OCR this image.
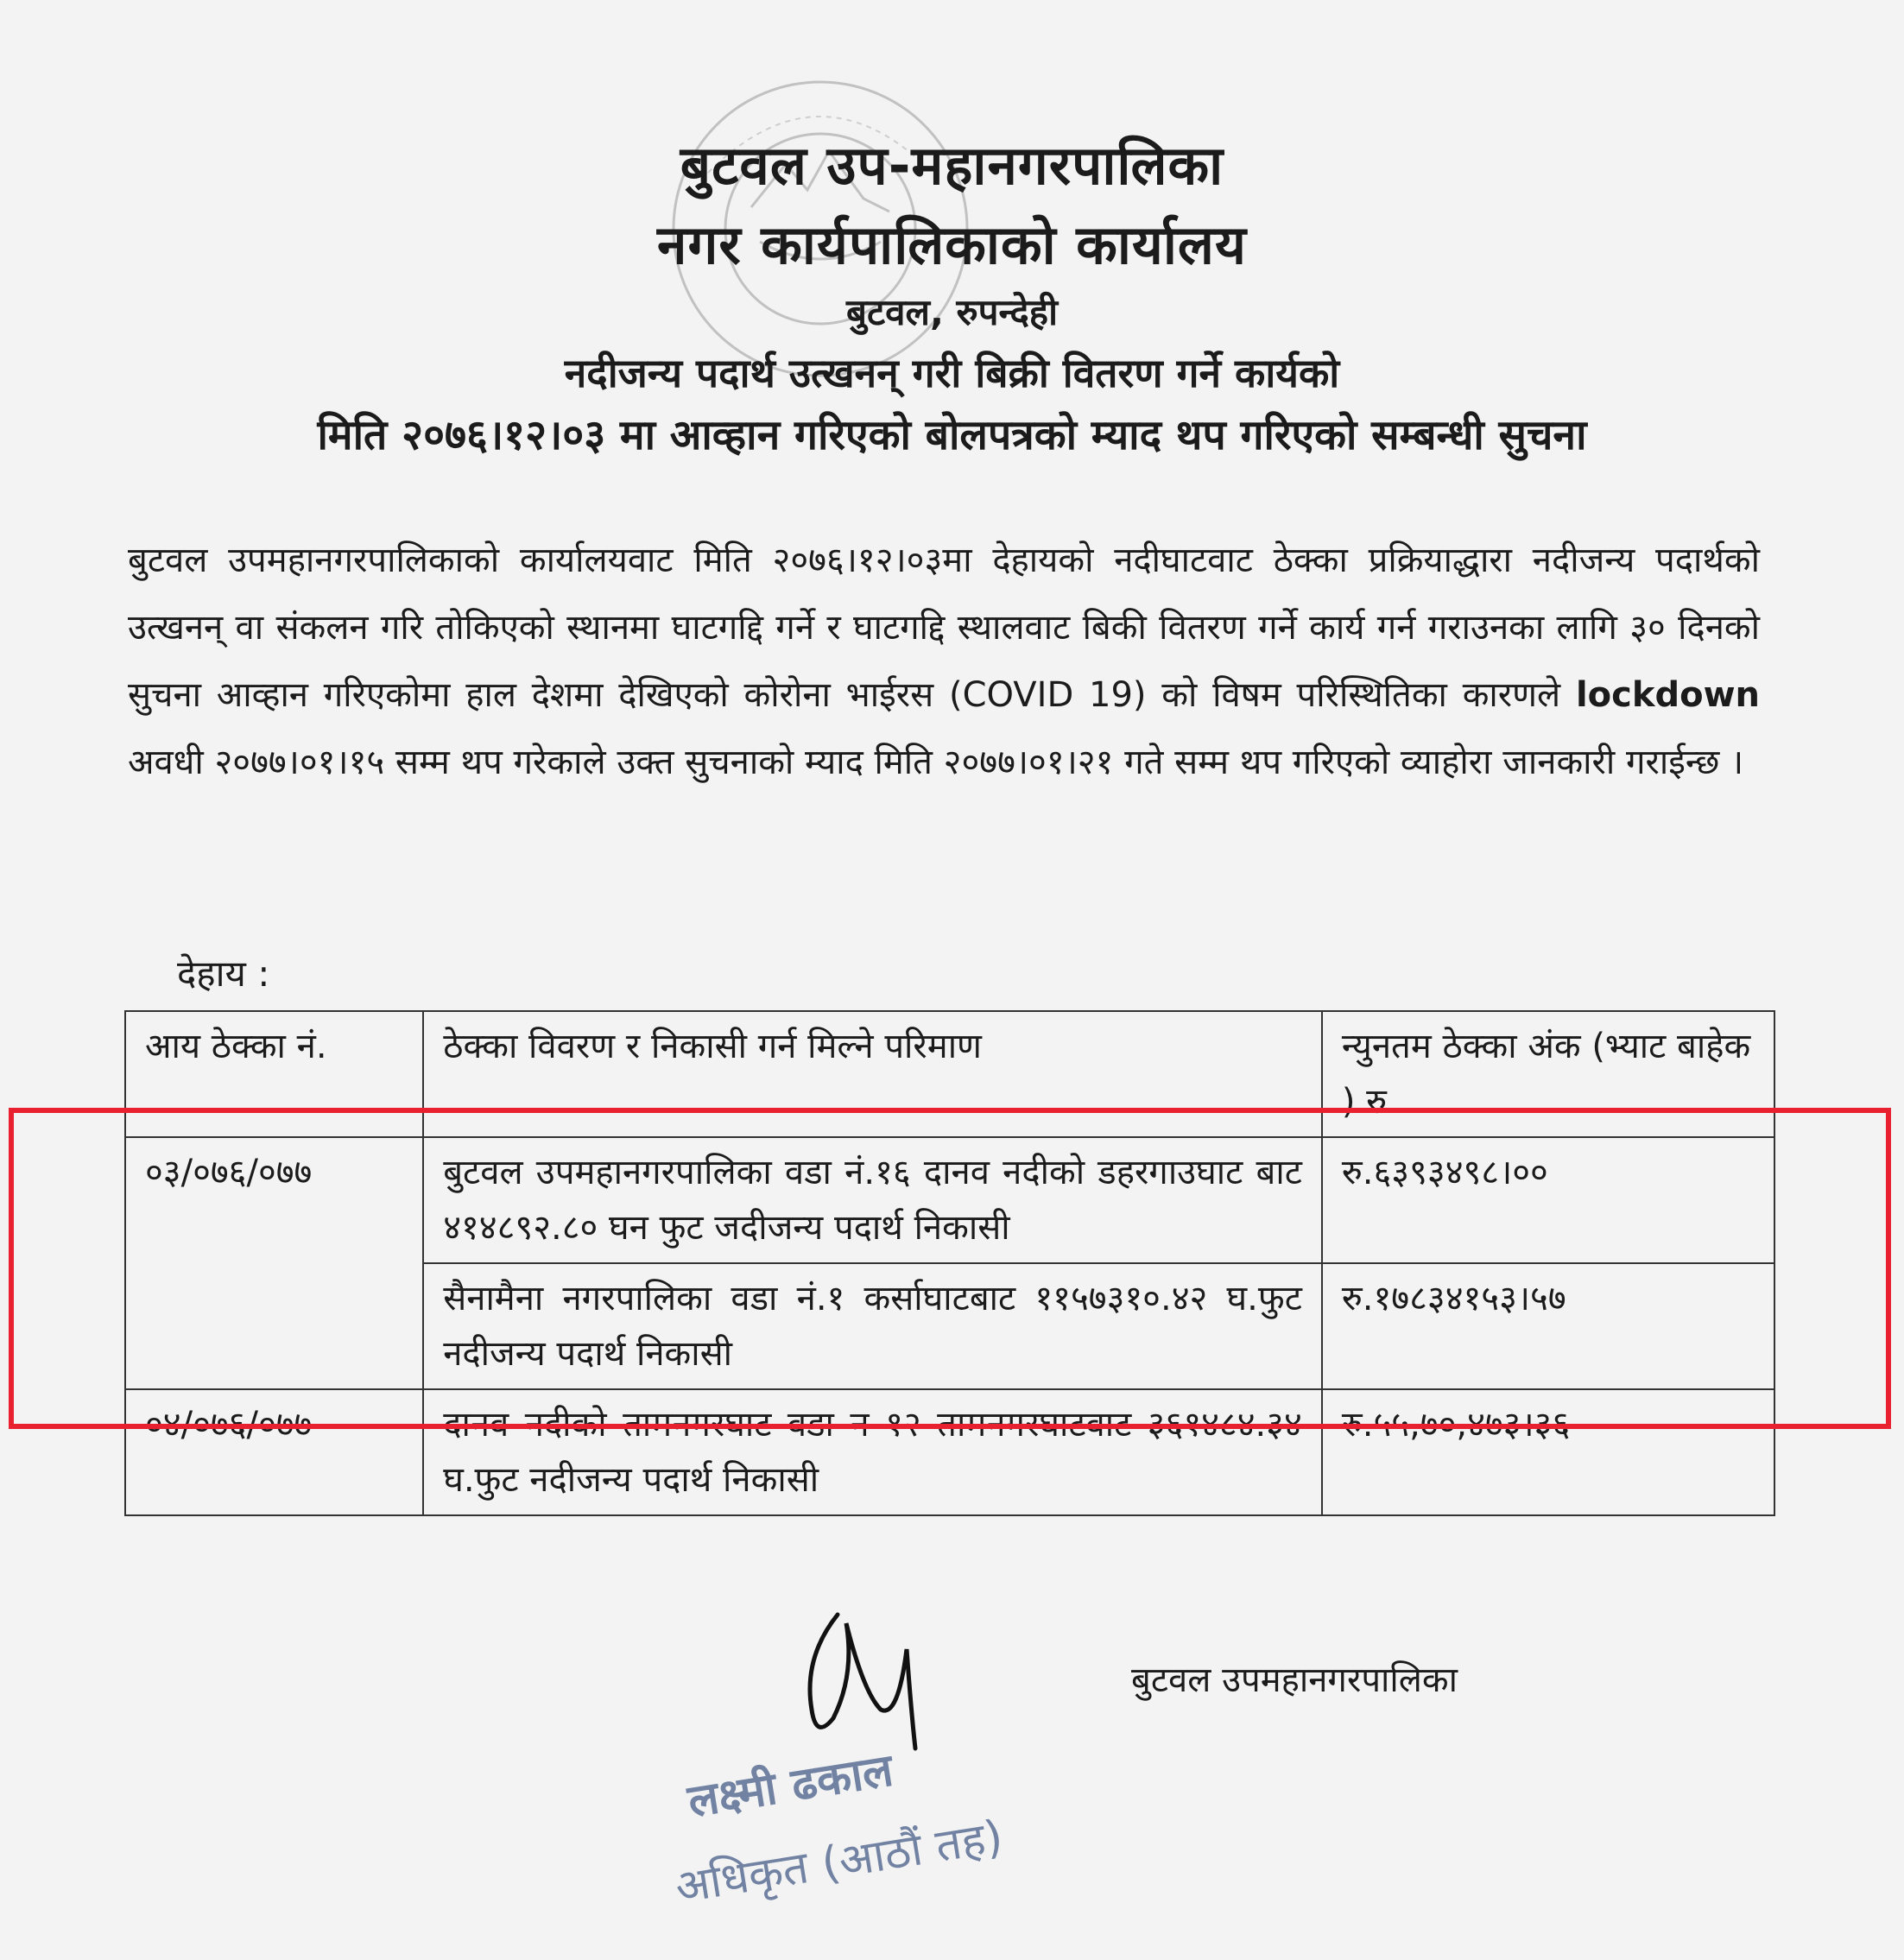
बुटवल उप-महानगरपालिका
नगर कार्यपालिकाको कार्यालय
बुटवल, रुपन्देही
नदीजन्य पदार्थ उत्खनन् गरी बिक्री वितरण गर्ने कार्यको
मिति २०७६।१२।०३ मा आव्हान गरिएको बोलपत्रको म्याद थप गरिएको सम्बन्धी सुचना
बुटवल उपमहानगरपालिकाको कार्यालयवाट मिति २०७६।१२।०३मा देहायको नदीघाटवाट ठेक्का प्रक्रियाद्धारा नदीजन्य पदार्थको उत्खनन् वा संकलन गरि तोकिएको स्थानमा घाटगद्दि गर्ने र घाटगद्दि स्थालवाट बिकी वितरण गर्ने कार्य गर्न गराउनका लागि ३० दिनको सुचना आव्हान गरिएकोमा हाल देशमा देखिएको कोरोना भाईरस (COVID 19) को विषम परिस्थितिका कारणले lockdown अवधी २०७७।०१।१५ सम्म थप गरेकाले उक्त सुचनाको म्याद मिति २०७७।०१।२१ गते सम्म थप गरिएको व्याहोरा जानकारी गराईन्छ ।
देहाय :
आय ठेक्का नं.	ठेक्का विवरण र निकासी गर्न मिल्ने परिमाण	न्युनतम ठेक्का अंक (भ्याट बाहेक ) रु
०३/०७६/०७७	बुटवल उपमहानगरपालिका वडा नं.१६ दानव नदीको डहरगाउघाट बाट ४१४८९२.८० घन फुट जदीजन्य पदार्थ निकासी	रु.६३९३४९८।००
	सैनामैना नगरपालिका वडा नं.१ कर्साघाटबाट ११५७३१०.४२ घ.फुट नदीजन्य पदार्थ निकासी	रु.१७८३४१५३।५७
०४/०७६/०७७	दानव नदीको तामनगरघाट वडा न १२ तामनगरघाटवाट ३६१४८४.३४ घ.फुट नदीजन्य पदार्थ निकासी	रु.५५,७०,४७३।३६
बुटवल उपमहानगरपालिका
लक्ष्मी ढकाल
अधिकृत (आठौं तह)
